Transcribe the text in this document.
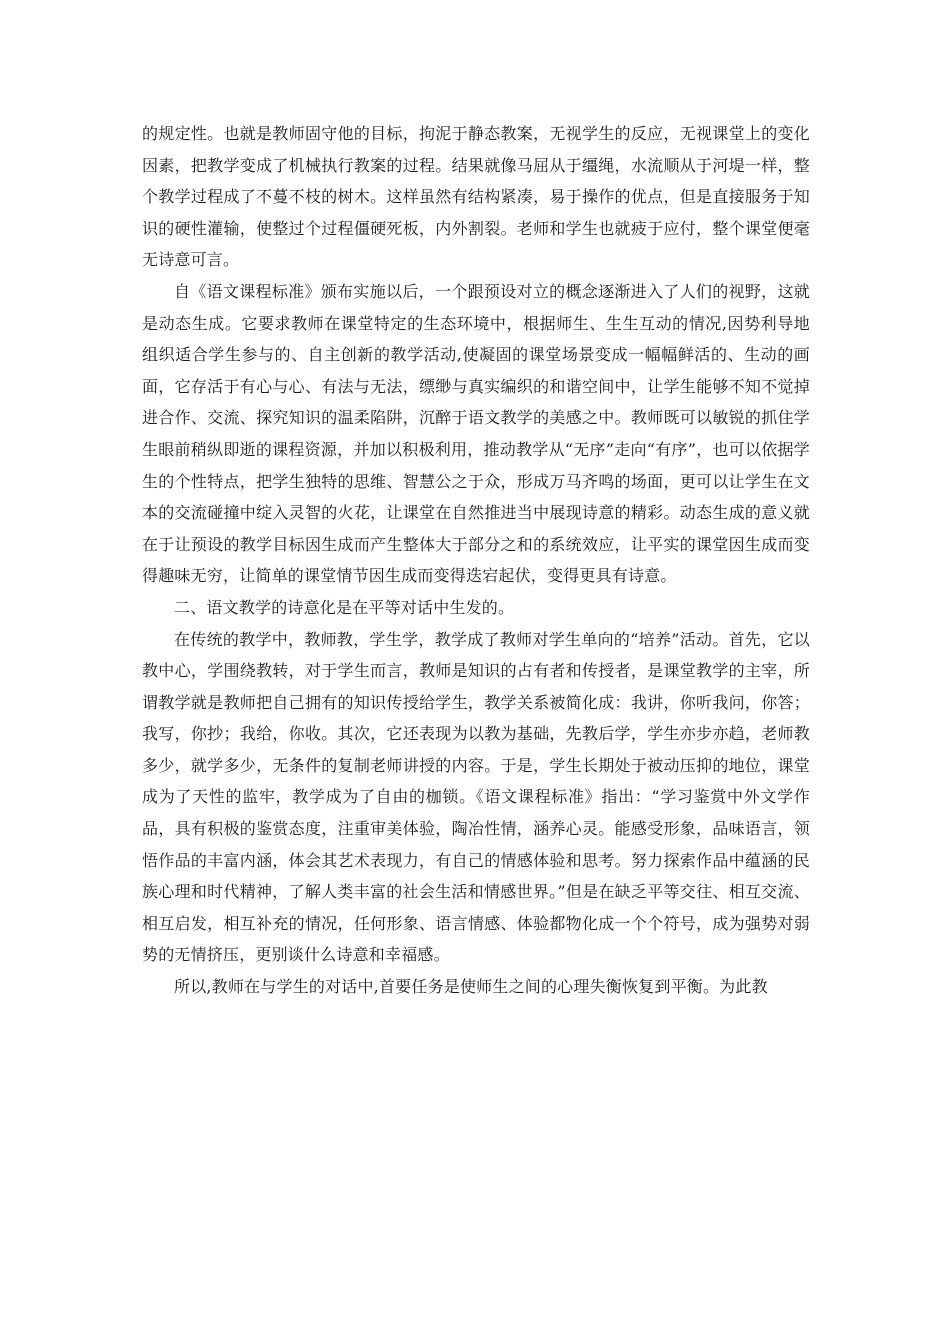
的规定性。也就是教师固守他的目标，拘泥于静态教案，无视学生的反应，无视课堂上的变化因素，把教学变成了机械执行教案的过程。结果就像马屈从于缰绳，水流顺从于河堤一样，整个教学过程成了不蔓不枝的树木。这样虽然有结构紧凑，易于操作的优点，但是直接服务于知识的硬性灌输，使整过个过程僵硬死板，内外割裂。老师和学生也就疲于应付，整个课堂便毫无诗意可言。

自《语文课程标准》颁布实施以后，一个跟预设对立的概念逐渐进入了人们的视野，这就是动态生成。它要求教师在课堂特定的生态环境中，根据师生、生生互动的情况,因势利导地组织适合学生参与的、自主创新的教学活动,使凝固的课堂场景变成一幅幅鲜活的、生动的画面，它存活于有心与心、有法与无法，缥缈与真实编织的和谐空间中，让学生能够不知不觉掉进合作、交流、探究知识的温柔陷阱，沉醉于语文教学的美感之中。教师既可以敏锐的抓住学生眼前稍纵即逝的课程资源，并加以积极利用，推动教学从“无序”走向“有序”，也可以依据学生的个性特点，把学生独特的思维、智慧公之于众，形成万马齐鸣的场面，更可以让学生在文本的交流碰撞中绽入灵智的火花，让课堂在自然推进当中展现诗意的精彩。动态生成的意义就在于让预设的教学目标因生成而产生整体大于部分之和的系统效应，让平实的课堂因生成而变得趣味无穷，让简单的课堂情节因生成而变得迭宕起伏，变得更具有诗意。

二、语文教学的诗意化是在平等对话中生发的。

在传统的教学中，教师教，学生学，教学成了教师对学生单向的“培养”活动。首先，它以教中心，学围绕教转，对于学生而言，教师是知识的占有者和传授者，是课堂教学的主宰，所谓教学就是教师把自己拥有的知识传授给学生，教学关系被简化成：我讲，你听我问，你答；我写，你抄；我给，你收。其次，它还表现为以教为基础，先教后学，学生亦步亦趋，老师教多少，就学多少，无条件的复制老师讲授的内容。于是，学生长期处于被动压抑的地位，课堂成为了天性的监牢，教学成为了自由的枷锁。《语文课程标准》指出：“学习鉴赏中外文学作品，具有积极的鉴赏态度，注重审美体验，陶冶性情，涵养心灵。能感受形象，品味语言，领悟作品的丰富内涵，体会其艺术表现力，有自己的情感体验和思考。努力探索作品中蕴涵的民族心理和时代精神，了解人类丰富的社会生活和情感世界。”但是在缺乏平等交往、相互交流、相互启发，相互补充的情况，任何形象、语言情感、体验都物化成一个个符号，成为强势对弱势的无情挤压，更别谈什么诗意和幸福感。

所以,教师在与学生的对话中,首要任务是使师生之间的心理失衡恢复到平衡。为此教
